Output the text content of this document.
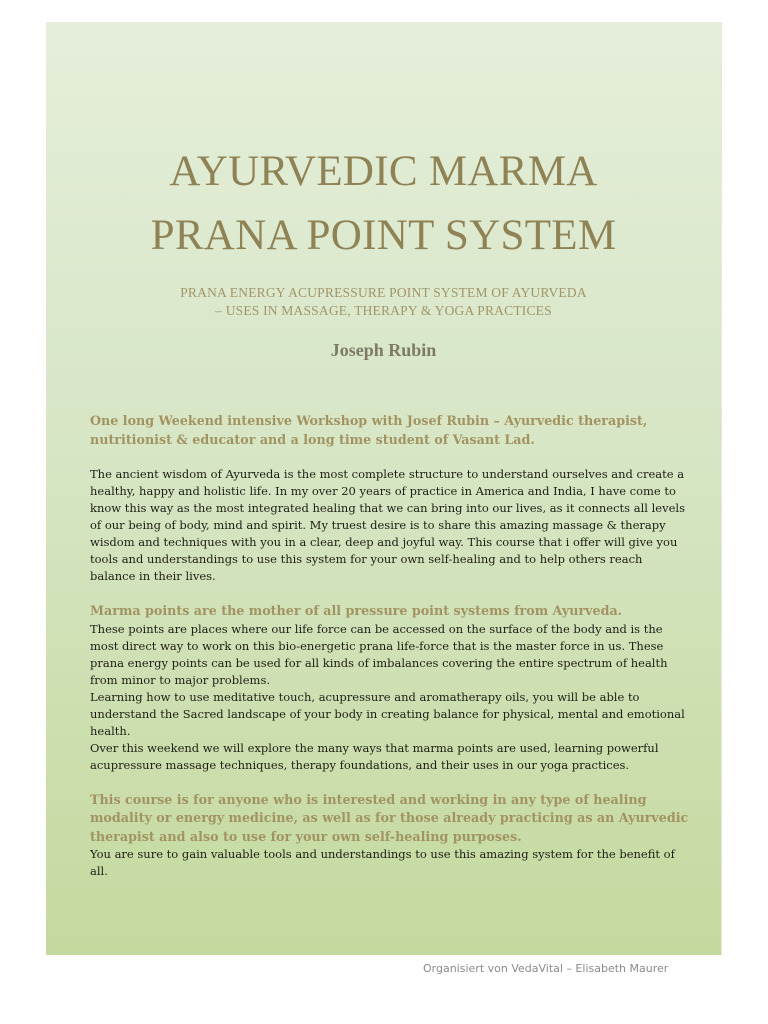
AYURVEDIC MARMA
PRANA POINT SYSTEM
PRANA ENERGY ACUPRESSURE POINT SYSTEM OF AYURVEDA
– USES IN MASSAGE, THERAPY & YOGA PRACTICES
Joseph Rubin

One long Weekend intensive Workshop with Josef Rubin – Ayurvedic therapist, nutritionist & educator and a long time student of Vasant Lad.

The ancient wisdom of Ayurveda is the most complete structure to understand ourselves and create a healthy, happy and holistic life. In my over 20 years of practice in America and India, I have come to know this way as the most integrated healing that we can bring into our lives, as it connects all levels of our being of body, mind and spirit. My truest desire is to share this amazing massage & therapy wisdom and techniques with you in a clear, deep and joyful way. This course that i offer will give you tools and understandings to use this system for your own self-healing and to help others reach balance in their lives.

Marma points are the mother of all pressure point systems from Ayurveda.

These points are places where our life force can be accessed on the surface of the body and is the most direct way to work on this bio-energetic prana life-force that is the master force in us. These prana energy points can be used for all kinds of imbalances covering the entire spectrum of health from minor to major problems.

Learning how to use meditative touch, acupressure and aromatherapy oils, you will be able to understand the Sacred landscape of your body in creating balance for physical, mental and emotional health.

Over this weekend we will explore the many ways that marma points are used, learning powerful acupressure massage techniques, therapy foundations, and their uses in our yoga practices.

This course is for anyone who is interested and working in any type of healing modality or energy medicine, as well as for those already practicing as an Ayurvedic therapist and also to use for your own self-healing purposes.

You are sure to gain valuable tools and understandings to use this amazing system for the benefit of all.

Organisiert von VedaVital – Elisabeth Maurer
